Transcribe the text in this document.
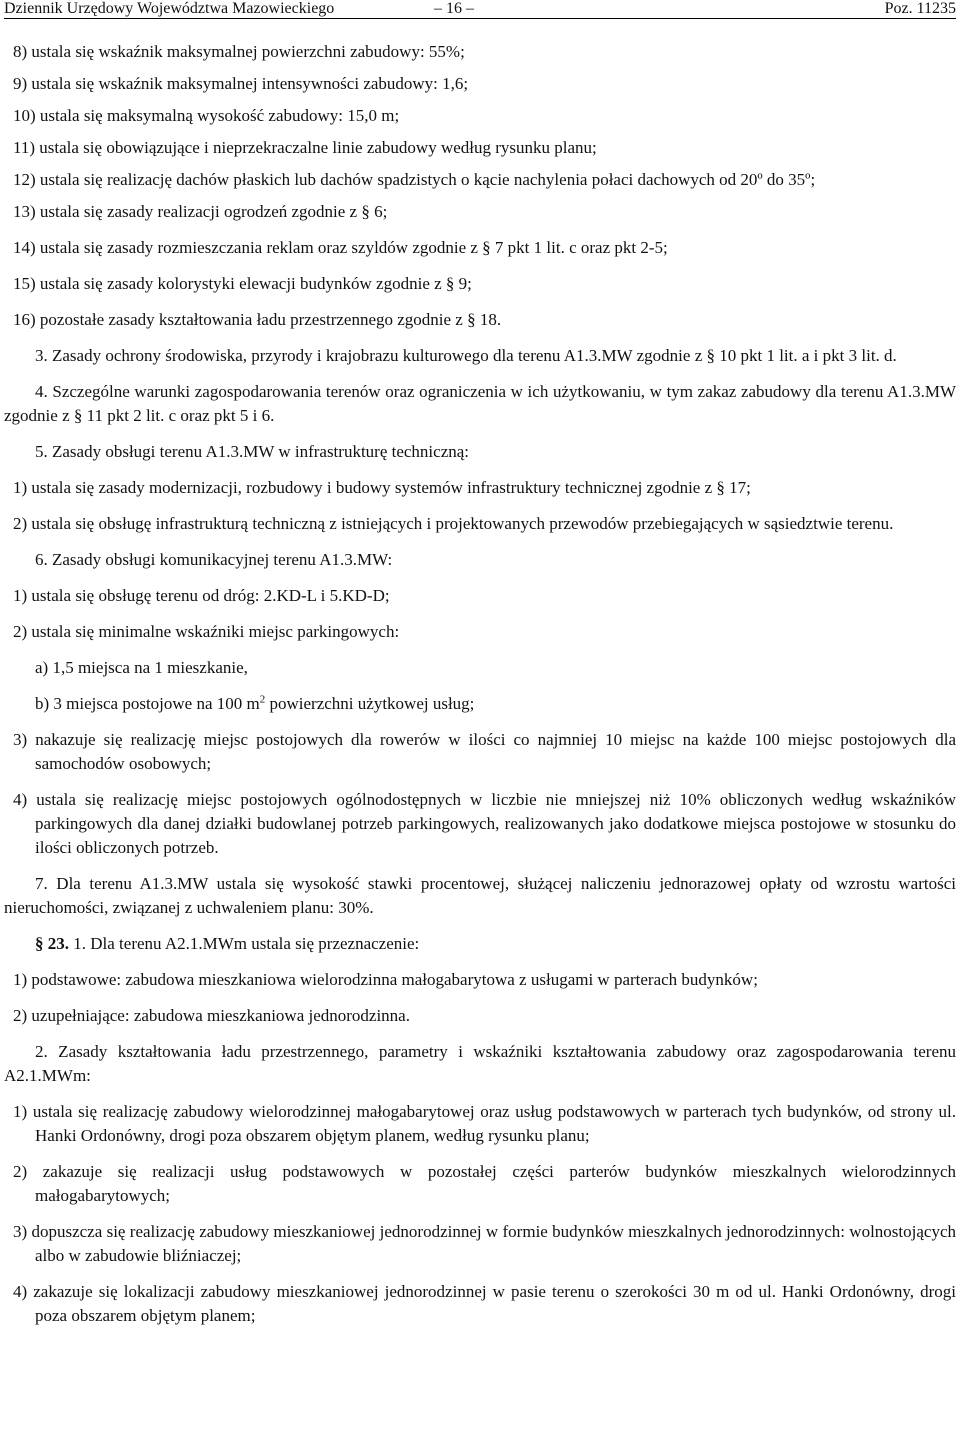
Dziennik Urzędowy Województwa Mazowieckiego	– 16 –	Poz. 11235
8) ustala się wskaźnik maksymalnej powierzchni zabudowy: 55%;
9) ustala się wskaźnik maksymalnej intensywności zabudowy: 1,6;
10) ustala się maksymalną wysokość zabudowy: 15,0 m;
11) ustala się obowiązujące i nieprzekraczalne linie zabudowy według rysunku planu;
12) ustala się realizację dachów płaskich lub dachów spadzistych o kącie nachylenia połaci dachowych od 20º do 35º;
13) ustala się zasady realizacji ogrodzeń zgodnie z § 6;
14) ustala się zasady rozmieszczania reklam oraz szyldów zgodnie z § 7 pkt 1 lit. c oraz pkt 2-5;
15) ustala się zasady kolorystyki elewacji budynków zgodnie z § 9;
16) pozostałe zasady kształtowania ładu przestrzennego zgodnie z § 18.
3. Zasady ochrony środowiska, przyrody i krajobrazu kulturowego dla terenu A1.3.MW zgodnie z § 10 pkt 1 lit. a i pkt 3 lit. d.
4. Szczególne warunki zagospodarowania terenów oraz ograniczenia w ich użytkowaniu, w tym zakaz zabudowy dla terenu A1.3.MW zgodnie z § 11 pkt 2 lit. c oraz pkt 5 i 6.
5. Zasady obsługi terenu A1.3.MW w infrastrukturę techniczną:
1) ustala się zasady modernizacji, rozbudowy i budowy systemów infrastruktury technicznej zgodnie z § 17;
2) ustala się obsługę infrastrukturą techniczną z istniejących i projektowanych przewodów przebiegających w sąsiedztwie terenu.
6. Zasady obsługi komunikacyjnej terenu A1.3.MW:
1) ustala się obsługę terenu od dróg: 2.KD-L i 5.KD-D;
2) ustala się minimalne wskaźniki miejsc parkingowych:
a) 1,5 miejsca na 1 mieszkanie,
b) 3 miejsca postojowe na 100 $m^2$ powierzchni użytkowej usług;
3) nakazuje się realizację miejsc postojowych dla rowerów w ilości co najmniej 10 miejsc na każde 100 miejsc postojowych dla samochodów osobowych;
4) ustala się realizację miejsc postojowych ogólnodostępnych w liczbie nie mniejszej niż 10% obliczonych według wskaźników parkingowych dla danej działki budowlanej potrzeb parkingowych, realizowanych jako dodatkowe miejsca postojowe w stosunku do ilości obliczonych potrzeb.
7. Dla terenu A1.3.MW ustala się wysokość stawki procentowej, służącej naliczeniu jednorazowej opłaty od wzrostu wartości nieruchomości, związanej z uchwaleniem planu: 30%.
§ 23. 1. Dla terenu A2.1.MWm ustala się przeznaczenie:
1) podstawowe: zabudowa mieszkaniowa wielorodzinna małogabarytowa z usługami w parterach budynków;
2) uzupełniające: zabudowa mieszkaniowa jednorodzinna.
2. Zasady kształtowania ładu przestrzennego, parametry i wskaźniki kształtowania zabudowy oraz zagospodarowania terenu A2.1.MWm:
1) ustala się realizację zabudowy wielorodzinnej małogabarytowej oraz usług podstawowych w parterach tych budynków, od strony ul. Hanki Ordonówny, drogi poza obszarem objętym planem, według rysunku planu;
2) zakazuje się realizacji usług podstawowych w pozostałej części parterów budynków mieszkalnych wielorodzinnych małogabarytowych;
3) dopuszcza się realizację zabudowy mieszkaniowej jednorodzinnej w formie budynków mieszkalnych jednorodzinnych: wolnostojących albo w zabudowie bliźniaczej;
4) zakazuje się lokalizacji zabudowy mieszkaniowej jednorodzinnej w pasie terenu o szerokości 30 m od ul. Hanki Ordonówny, drogi poza obszarem objętym planem;
